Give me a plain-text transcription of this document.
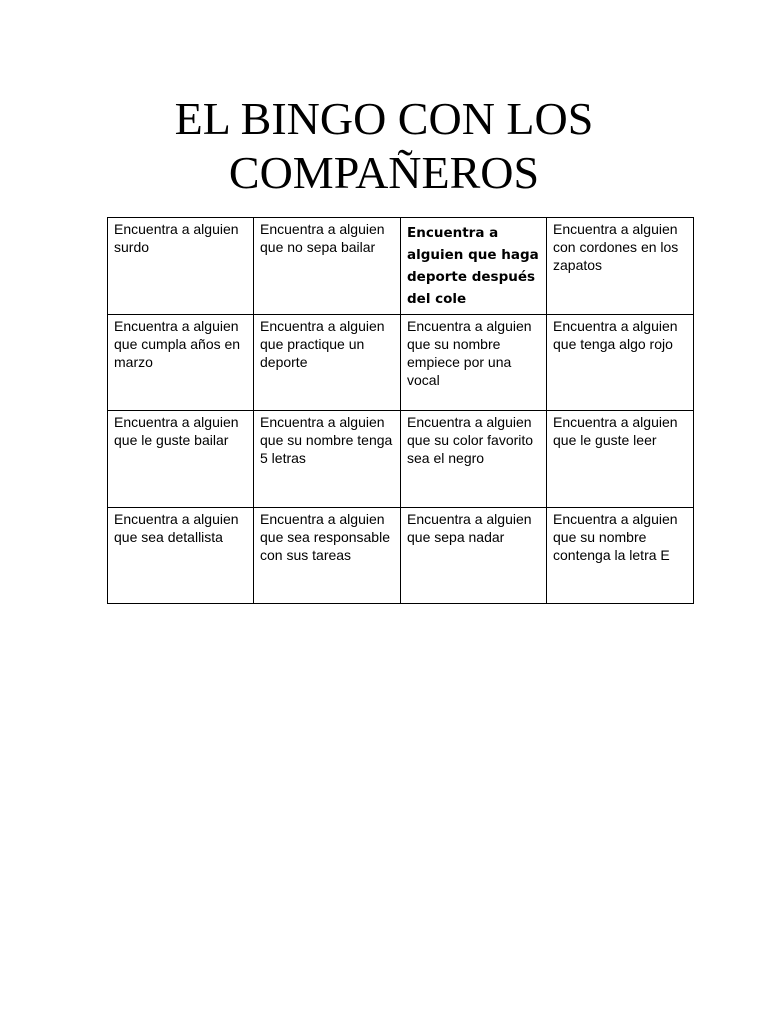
EL BINGO CON LOS
COMPAÑEROS
Encuentra a alguien surdo	Encuentra a alguien que no sepa bailar	Encuentra a alguien que haga deporte después del cole	Encuentra a alguien con cordones en los zapatos
Encuentra a alguien que cumpla años en marzo	Encuentra a alguien que practique un deporte	Encuentra a alguien que su nombre empiece por una vocal	Encuentra a alguien que tenga algo rojo
Encuentra a alguien que le guste bailar	Encuentra a alguien que su nombre tenga 5 letras	Encuentra a alguien que su color favorito sea el negro	Encuentra a alguien que le guste leer
Encuentra a alguien que sea detallista	Encuentra a alguien que sea responsable con sus tareas	Encuentra a alguien que sepa nadar	Encuentra a alguien que su nombre contenga la letra E
